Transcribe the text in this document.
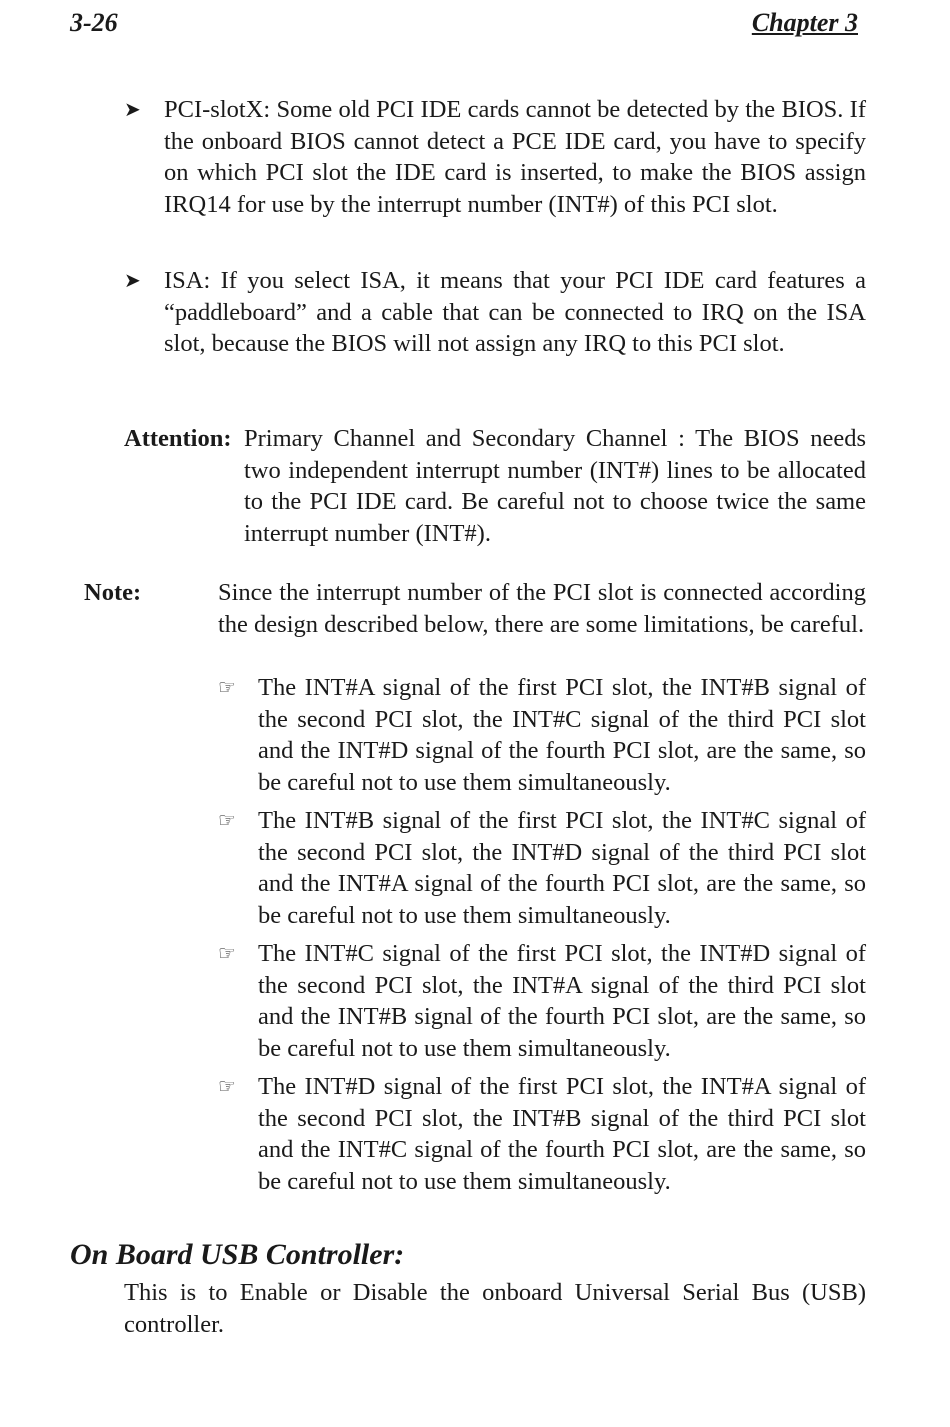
3-26	Chapter 3
➤ PCI-slotX: Some old PCI IDE cards cannot be detected by the BIOS. If the onboard BIOS cannot detect a PCE IDE card, you have to specify on which PCI slot the IDE card is inserted, to make the BIOS assign IRQ14 for use by the interrupt number (INT#) of this PCI slot.
➤ ISA: If you select ISA, it means that your PCI IDE card features a “paddleboard” and a cable that can be connected to IRQ on the ISA slot, because the BIOS will not assign any IRQ to this PCI slot.
Attention: Primary Channel and Secondary Channel : The BIOS needs two independent interrupt number (INT#) lines to be allocated to the PCI IDE card. Be careful not to choose twice the same interrupt number (INT#).
Note:	Since the interrupt number of the PCI slot is connected according the design described below, there are some limitations, be careful.
☞ The INT#A signal of the first PCI slot, the INT#B signal of the second PCI slot, the INT#C signal of the third PCI slot and the INT#D signal of the fourth PCI slot, are the same, so be careful not to use them simultaneously.
☞ The INT#B signal of the first PCI slot, the INT#C signal of the second PCI slot, the INT#D signal of the third PCI slot and the INT#A signal of the fourth PCI slot, are the same, so be careful not to use them simultaneously.
☞ The INT#C signal of the first PCI slot, the INT#D signal of the second PCI slot, the INT#A signal of the third PCI slot and the INT#B signal of the fourth PCI slot, are the same, so be careful not to use them simultaneously.
☞ The INT#D signal of the first PCI slot, the INT#A signal of the second PCI slot, the INT#B signal of the third PCI slot and the INT#C signal of the fourth PCI slot, are the same, so be careful not to use them simultaneously.
On Board USB Controller:
This is to Enable or Disable the onboard Universal Serial Bus (USB) controller.
